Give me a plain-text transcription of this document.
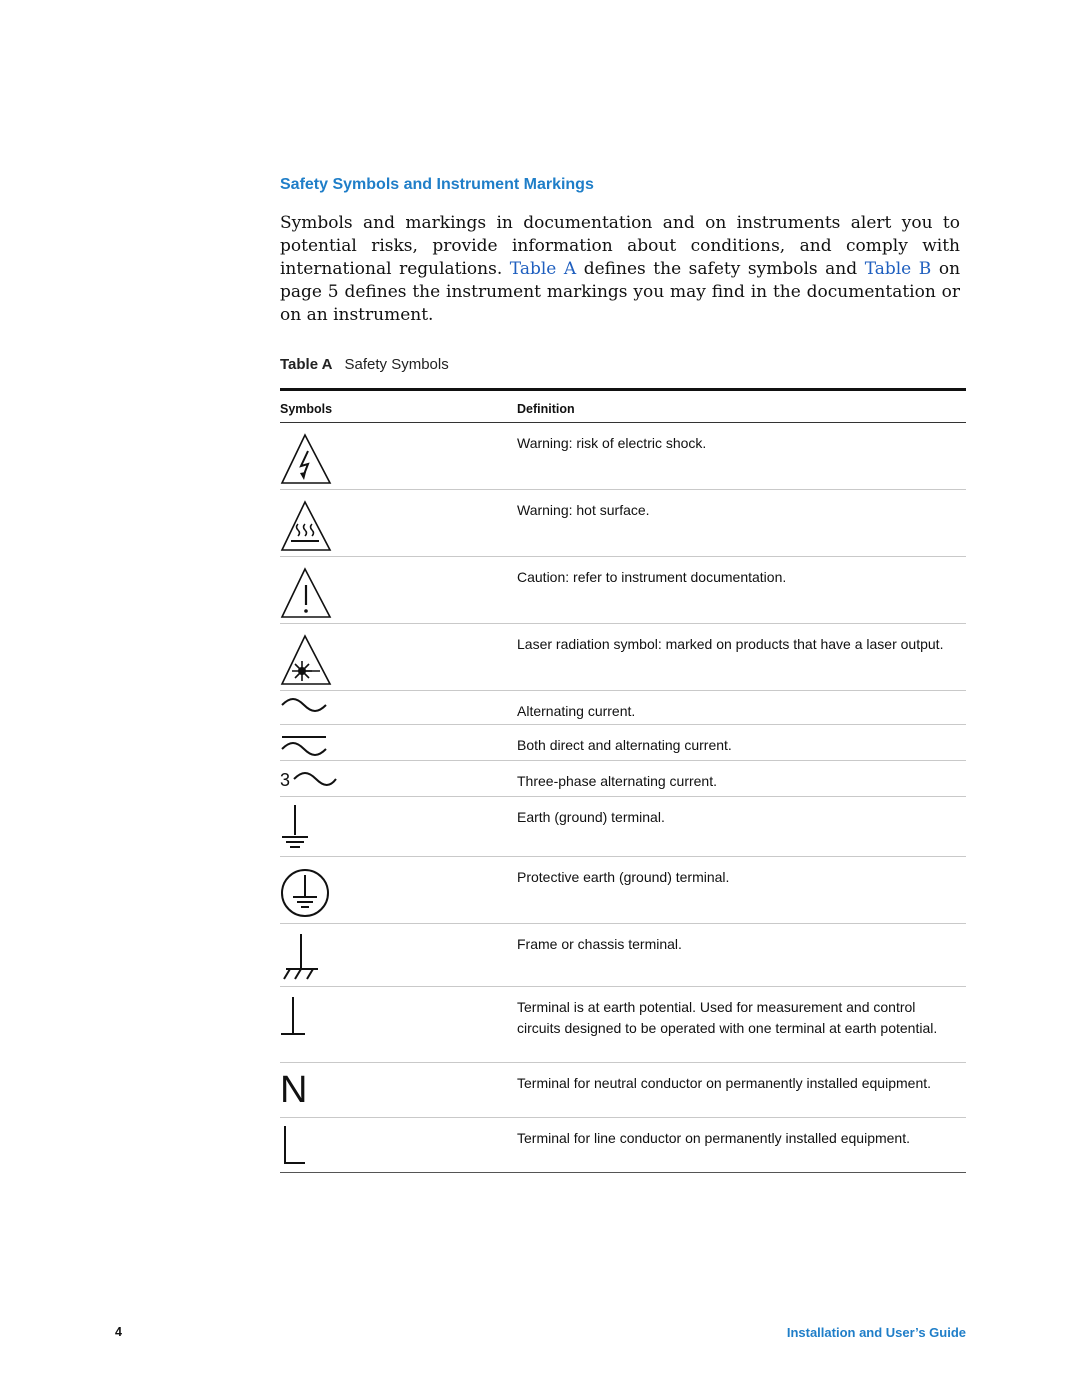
Safety Symbols and Instrument Markings

Symbols and markings in documentation and on instruments alert you to potential risks, provide information about conditions, and comply with international regulations. Table A defines the safety symbols and Table B on page 5 defines the instrument markings you may find in the documentation or on an instrument.

Table A Safety Symbols
Symbols	Definition
Warning: risk of electric shock.
Warning: hot surface.
Caution: refer to instrument documentation.
Laser radiation symbol: marked on products that have a laser output.
Alternating current.
Both direct and alternating current.
3	Three-phase alternating current.
Earth (ground) terminal.
Protective earth (ground) terminal.
Frame or chassis terminal.
Terminal is at earth potential. Used for measurement and control circuits designed to be operated with one terminal at earth potential.
N	Terminal for neutral conductor on permanently installed equipment.
Terminal for line conductor on permanently installed equipment.
4	Installation and User’s Guide
